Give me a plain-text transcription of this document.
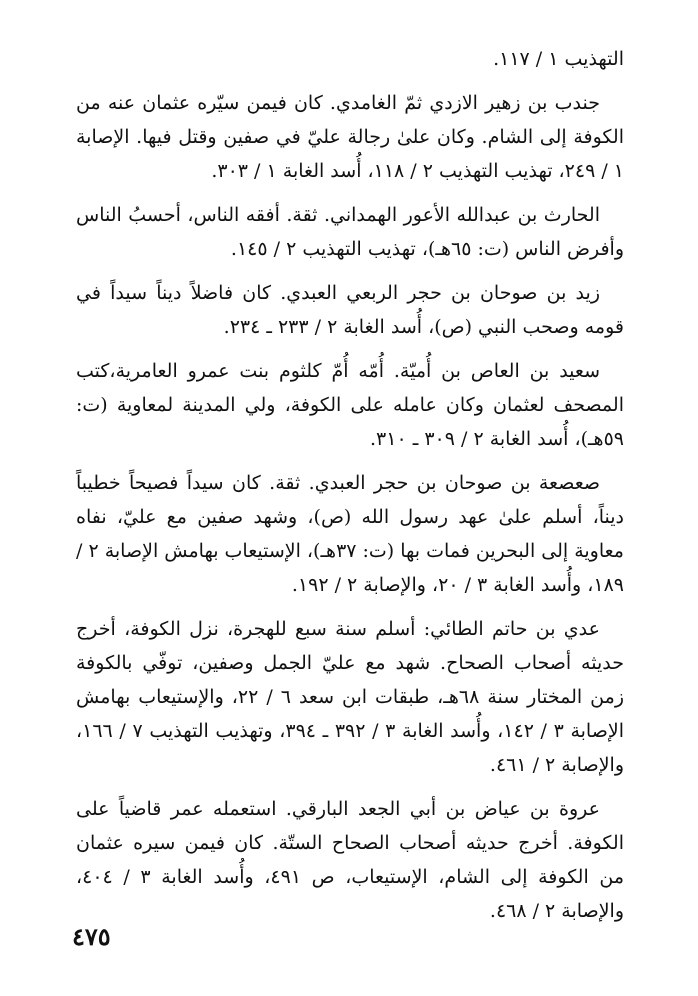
التهذيب ١ / ١١٧.

جندب بن زهير الازدي ثمّ الغامدي. كان فيمن سيّره عثمان عنه من الكوفة إلى الشام. وكان علىٰ رجالة عليّ في صفين وقتل فيها. الإصابة ١ / ٢٤٩، تهذيب التهذيب ٢ / ١١٨، أُسد الغابة ١ / ٣٠٣.

الحارث بن عبدالله الأعور الهمداني. ثقة. أفقه الناس، أحسبُ الناس وأفرض الناس (ت: ٦٥هـ)، تهذيب التهذيب ٢ / ١٤٥.

زيد بن صوحان بن حجر الربعي العبدي. كان فاضلاً ديناً سيداً في قومه وصحب النبي (ص)، أُسد الغابة ٢ / ٢٣٣ ـ ٢٣٤.

سعيد بن العاص بن أُميّة. أُمّه أُمّ كلثوم بنت عمرو العامرية،كتب المصحف لعثمان وكان عامله على الكوفة، ولي المدينة لمعاوية (ت: ٥٩هـ)، أُسد الغابة ٢ / ٣٠٩ ـ ٣١٠.

صعصعة بن صوحان بن حجر العبدي. ثقة. كان سيداً فصيحاً خطيباً ديناً، أسلم علىٰ عهد رسول الله (ص)، وشهد صفين مع عليّ، نفاه معاوية إلى البحرين فمات بها (ت: ٣٧هـ)، الإستيعاب بهامش الإصابة ٢ / ١٨٩، وأُسد الغابة ٣ / ٢٠، والإصابة ٢ / ١٩٢.

عدي بن حاتم الطائي: أسلم سنة سبع للهجرة، نزل الكوفة، أخرج حديثه أصحاب الصحاح. شهد مع عليّ الجمل وصفين، توفّي بالكوفة زمن المختار سنة ٦٨هـ، طبقات ابن سعد ٦ / ٢٢، والإستيعاب بهامش الإصابة ٣ / ١٤٢، وأُسد الغابة ٣ / ٣٩٢ ـ ٣٩٤، وتهذيب التهذيب ٧ / ١٦٦، والإصابة ٢ / ٤٦١.

عروة بن عياض بن أبي الجعد البارقي. استعمله عمر قاضياً على الكوفة. أخرج حديثه أصحاب الصحاح الستّة. كان فيمن سيره عثمان من الكوفة إلى الشام، الإستيعاب، ص ٤٩١، وأُسد الغابة ٣ / ٤٠٤، والإصابة ٢ / ٤٦٨.

٤٧٥
